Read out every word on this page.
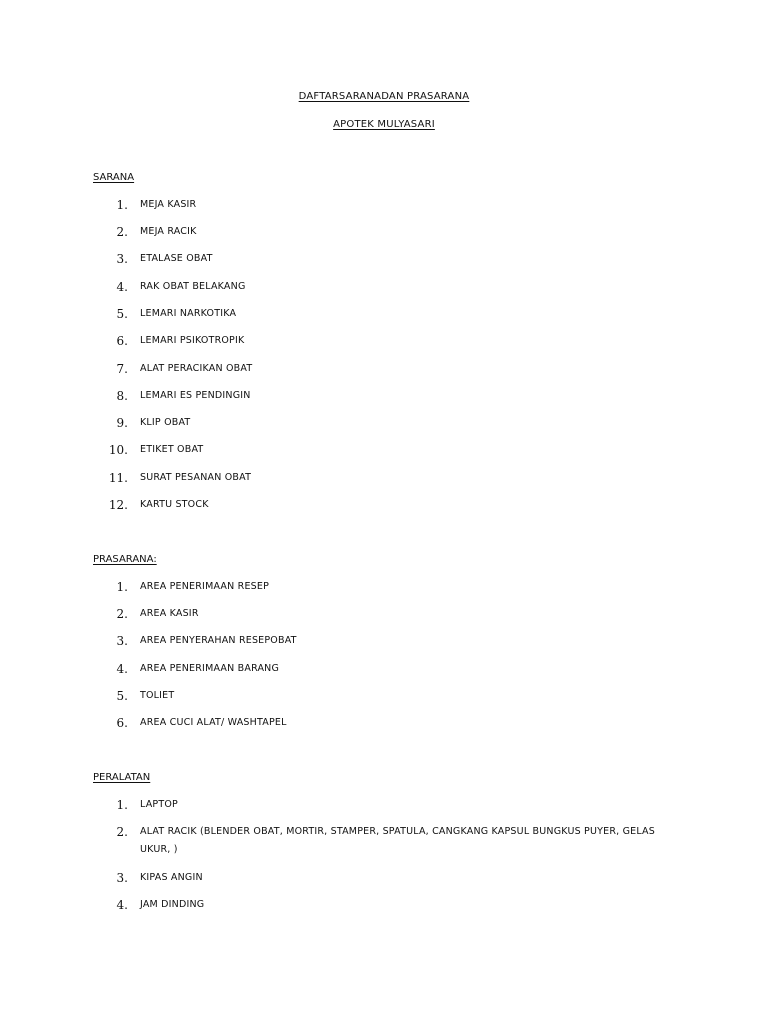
DAFTARSARANADAN PRASARANA
APOTEK MULYASARI
SARANA
1. MEJA KASIR
2. MEJA RACIK
3. ETALASE OBAT
4. RAK OBAT BELAKANG
5. LEMARI NARKOTIKA
6. LEMARI PSIKOTROPIK
7. ALAT PERACIKAN OBAT
8. LEMARI ES PENDINGIN
9. KLIP OBAT
10. ETIKET OBAT
11. SURAT PESANAN OBAT
12. KARTU STOCK
PRASARANA:
1. AREA PENERIMAAN RESEP
2. AREA KASIR
3. AREA PENYERAHAN RESEPOBAT
4. AREA PENERIMAAN BARANG
5. TOLIET
6. AREA CUCI ALAT/ WASHTAPEL
PERALATAN
1. LAPTOP
2. ALAT RACIK (BLENDER OBAT, MORTIR, STAMPER, SPATULA, CANGKANG KAPSUL BUNGKUS PUYER, GELAS UKUR, )
3. KIPAS ANGIN
4. JAM DINDING
